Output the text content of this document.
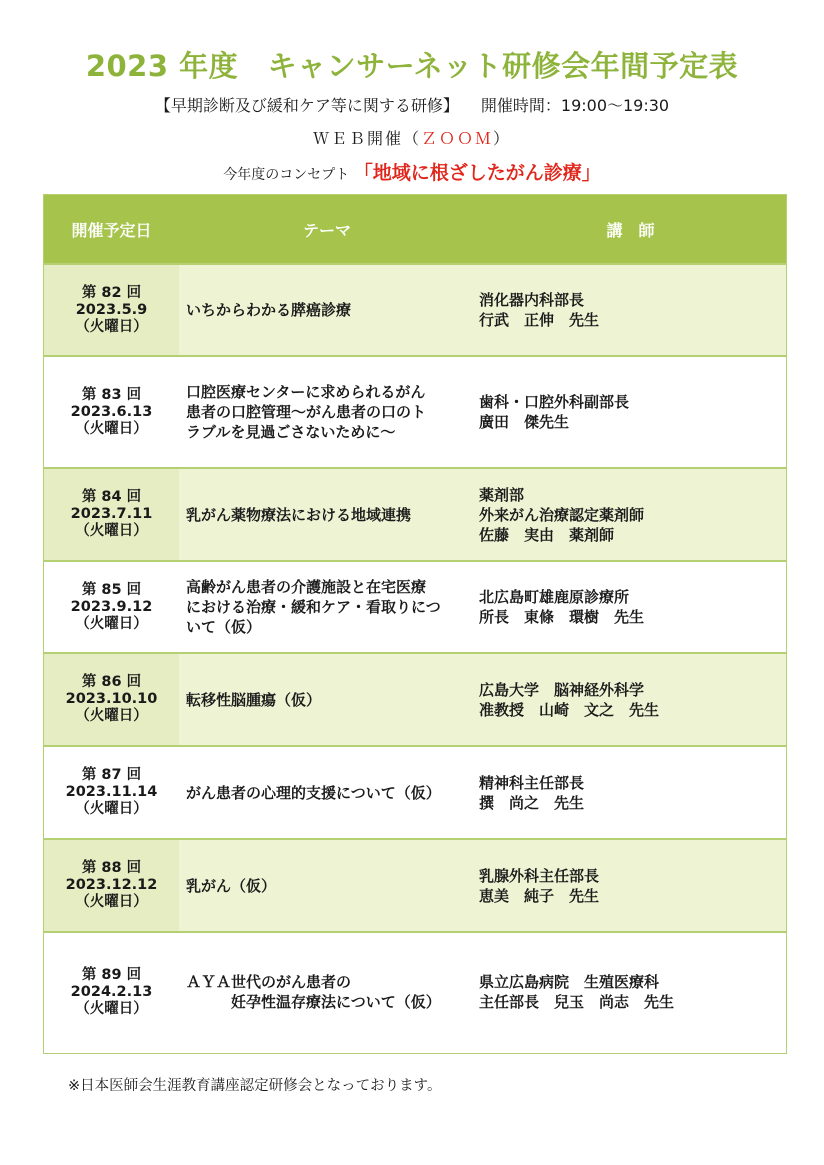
2023 年度　キャンサーネット研修会年間予定表
【早期診断及び緩和ケア等に関する研修】 開催時間：19:00～19:30
ＷＥＢ開催（ＺＯＯＭ）
今年度のコンセプト 「地域に根ざしたがん診療」
開催予定日	テーマ	講　師
第 82 回
2023.5.9
（火曜日）
いちからわかる膵癌診療
消化器内科部長
行武　正伸　先生
第 83 回
2023.6.13
（火曜日）
口腔医療センターに求められるがん
患者の口腔管理～がん患者の口のト
ラブルを見過ごさないために～
歯科・口腔外科副部長
廣田　傑先生
第 84 回
2023.7.11
（火曜日）
乳がん薬物療法における地域連携
薬剤部
外来がん治療認定薬剤師
佐藤　実由　薬剤師
第 85 回
2023.9.12
（火曜日）
高齢がん患者の介護施設と在宅医療
における治療・緩和ケア・看取りにつ
いて（仮）
北広島町雄鹿原診療所
所長　東條　環樹　先生
第 86 回
2023.10.10
（火曜日）
転移性脳腫瘍（仮）
広島大学　脳神経外科学
准教授　山崎　文之　先生
第 87 回
2023.11.14
（火曜日）
がん患者の心理的支援について（仮）
精神科主任部長
撰　尚之　先生
第 88 回
2023.12.12
（火曜日）
乳がん（仮）
乳腺外科主任部長
恵美　純子　先生
第 89 回
2024.2.13
（火曜日）
ＡＹＡ世代のがん患者の
　　　妊孕性温存療法について（仮）
県立広島病院　生殖医療科
主任部長　兒玉　尚志　先生
※日本医師会生涯教育講座認定研修会となっております。
